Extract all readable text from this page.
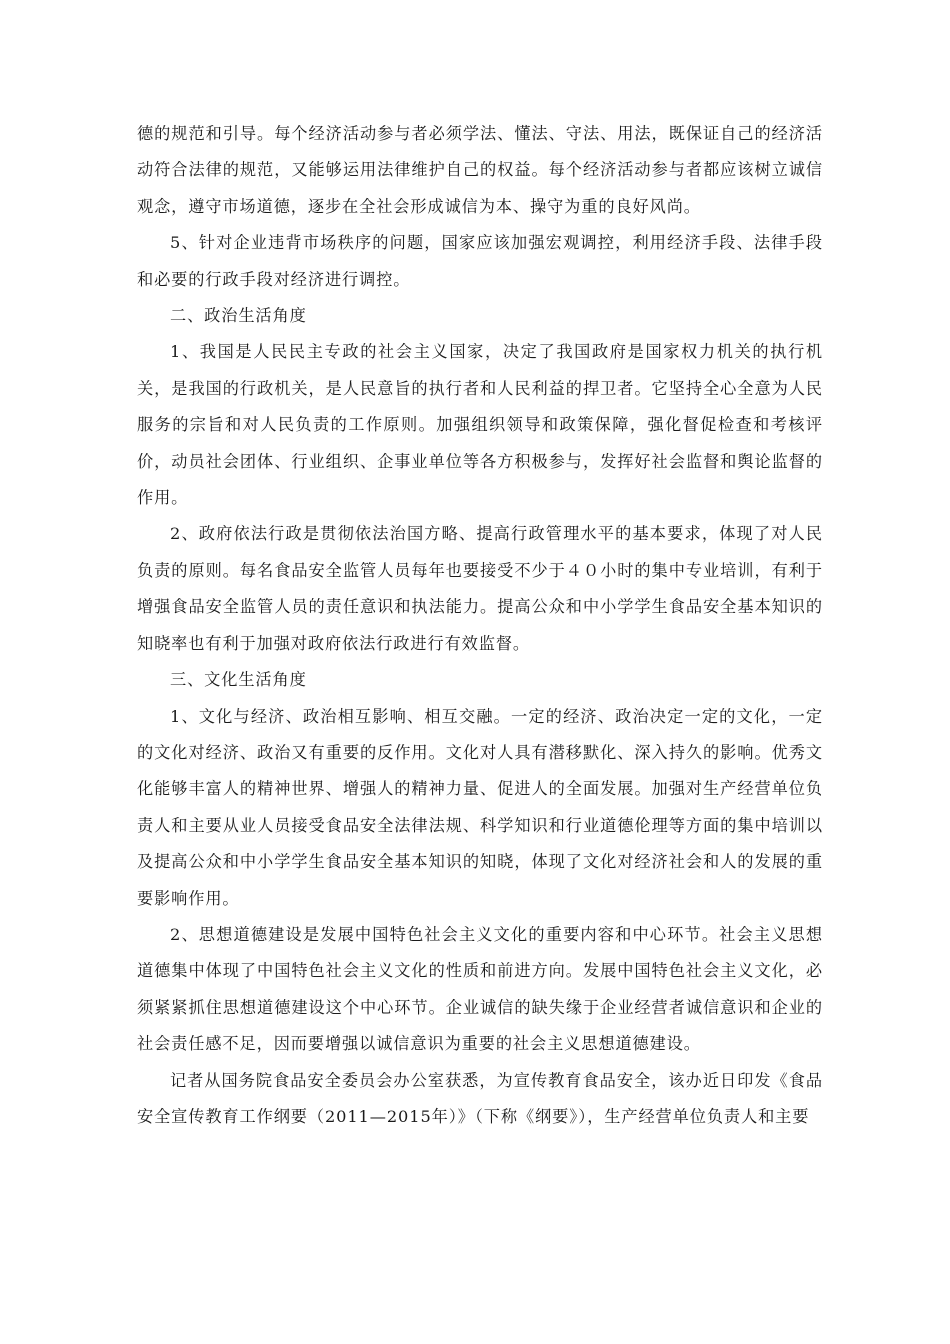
德的规范和引导。每个经济活动参与者必须学法、懂法、守法、用法，既保证自己的经济活动符合法律的规范，又能够运用法律维护自己的权益。每个经济活动参与者都应该树立诚信观念，遵守市场道德，逐步在全社会形成诚信为本、操守为重的良好风尚。

5、针对企业违背市场秩序的问题，国家应该加强宏观调控，利用经济手段、法律手段和必要的行政手段对经济进行调控。

二、政治生活角度

1、我国是人民民主专政的社会主义国家，决定了我国政府是国家权力机关的执行机关，是我国的行政机关，是人民意旨的执行者和人民利益的捍卫者。它坚持全心全意为人民服务的宗旨和对人民负责的工作原则。加强组织领导和政策保障，强化督促检查和考核评价，动员社会团体、行业组织、企事业单位等各方积极参与，发挥好社会监督和舆论监督的作用。

2、政府依法行政是贯彻依法治国方略、提高行政管理水平的基本要求，体现了对人民负责的原则。每名食品安全监管人员每年也要接受不少于４０小时的集中专业培训，有利于增强食品安全监管人员的责任意识和执法能力。提高公众和中小学学生食品安全基本知识的知晓率也有利于加强对政府依法行政进行有效监督。

三、文化生活角度

1、文化与经济、政治相互影响、相互交融。一定的经济、政治决定一定的文化，一定的文化对经济、政治又有重要的反作用。文化对人具有潜移默化、深入持久的影响。优秀文化能够丰富人的精神世界、增强人的精神力量、促进人的全面发展。加强对生产经营单位负责人和主要从业人员接受食品安全法律法规、科学知识和行业道德伦理等方面的集中培训以及提高公众和中小学学生食品安全基本知识的知晓，体现了文化对经济社会和人的发展的重要影响作用。

2、思想道德建设是发展中国特色社会主义文化的重要内容和中心环节。社会主义思想道德集中体现了中国特色社会主义文化的性质和前进方向。发展中国特色社会主义文化，必须紧紧抓住思想道德建设这个中心环节。企业诚信的缺失缘于企业经营者诚信意识和企业的社会责任感不足，因而要增强以诚信意识为重要的社会主义思想道德建设。

记者从国务院食品安全委员会办公室获悉，为宣传教育食品安全，该办近日印发《食品安全宣传教育工作纲要（2011—2015年）》（下称《纲要》），生产经营单位负责人和主要
